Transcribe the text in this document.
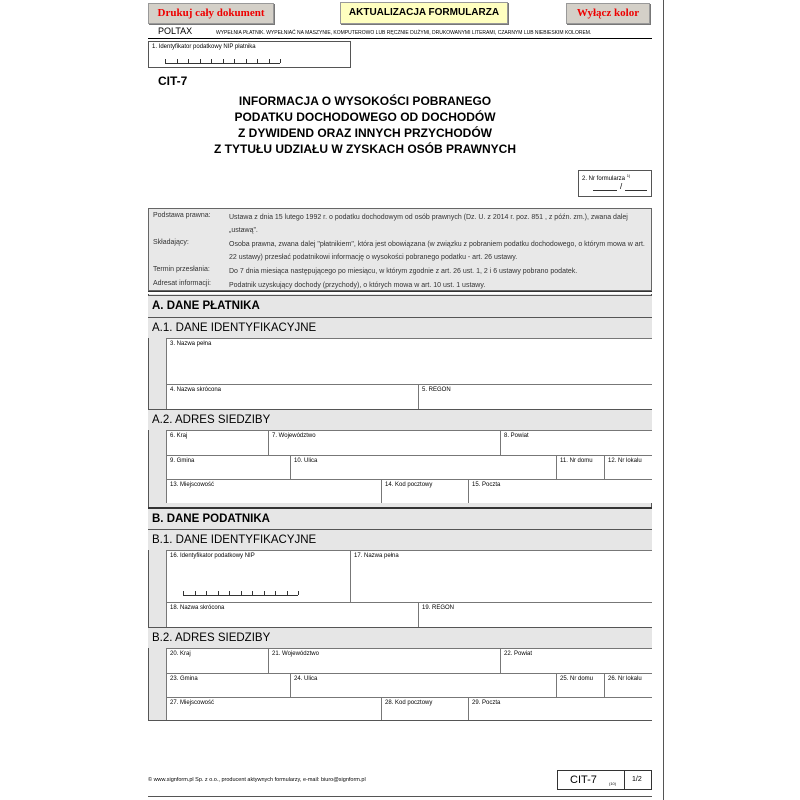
Drukuj cały dokument	AKTUALIZACJA FORMULARZA	Wyłącz kolor
POLTAX	WYPEŁNIA PŁATNIK. WYPEŁNIAĆ NA MASZYNIE, KOMPUTEROWO LUB RĘCZNIE DUŻYMI, DRUKOWANYMI LITERAMI, CZARNYM LUB NIEBIESKIM KOLOREM.
1. Identyfikator podatkowy NIP płatnika
CIT-7
INFORMACJA O WYSOKOŚCI POBRANEGO
PODATKU DOCHODOWEGO OD DOCHODÓW
Z DYWIDEND ORAZ INNYCH PRZYCHODÓW
Z TYTUŁU UDZIAŁU W ZYSKACH OSÓB PRAWNYCH
2. Nr formularza $^{1)}$
/
Podstawa prawna:	Ustawa z dnia 15 lutego 1992 r. o podatku dochodowym od osób prawnych (Dz. U. z 2014 r. poz. 851 , z późn. zm.), zwana dalej „ustawą”.
Składający:	Osoba prawna, zwana dalej "płatnikiem", która jest obowiązana (w związku z pobraniem podatku dochodowego, o którym mowa w art. 22 ustawy) przesłać podatnikowi informację o wysokości pobranego podatku - art. 26 ustawy.
Termin przesłania:	Do 7 dnia miesiąca następującego po miesiącu, w którym zgodnie z art. 26 ust. 1, 2 i 6 ustawy pobrano podatek.
Adresat informacji:	Podatnik uzyskujący dochody (przychody), o których mowa w art. 10 ust. 1 ustawy.
A. DANE PŁATNIKA
A.1. DANE IDENTYFIKACYJNE
A.2. ADRES SIEDZIBY
B. DANE PODATNIKA
B.1. DANE IDENTYFIKACYJNE
B.2. ADRES SIEDZIBY
3. Nazwa pełna
4. Nazwa skrócona	5. REGON
6. Kraj	7. Województwo	8. Powiat
9. Gmina	10. Ulica	11. Nr domu	12. Nr lokalu
13. Miejscowość	14. Kod pocztowy	15. Poczta
16. Identyfikator podatkowy NIP	17. Nazwa pełna
18. Nazwa skrócona	19. REGON
20. Kraj	21. Województwo	22. Powiat
23. Gmina	24. Ulica	25. Nr domu 26. Nr lokalu
27. Miejscowość	28. Kod pocztowy	29. Poczta
© www.signform.pl Sp. z o.o., producent aktywnych formularzy, e-mail: biuro@signform.pl	CIT-7	(10)
1/2
